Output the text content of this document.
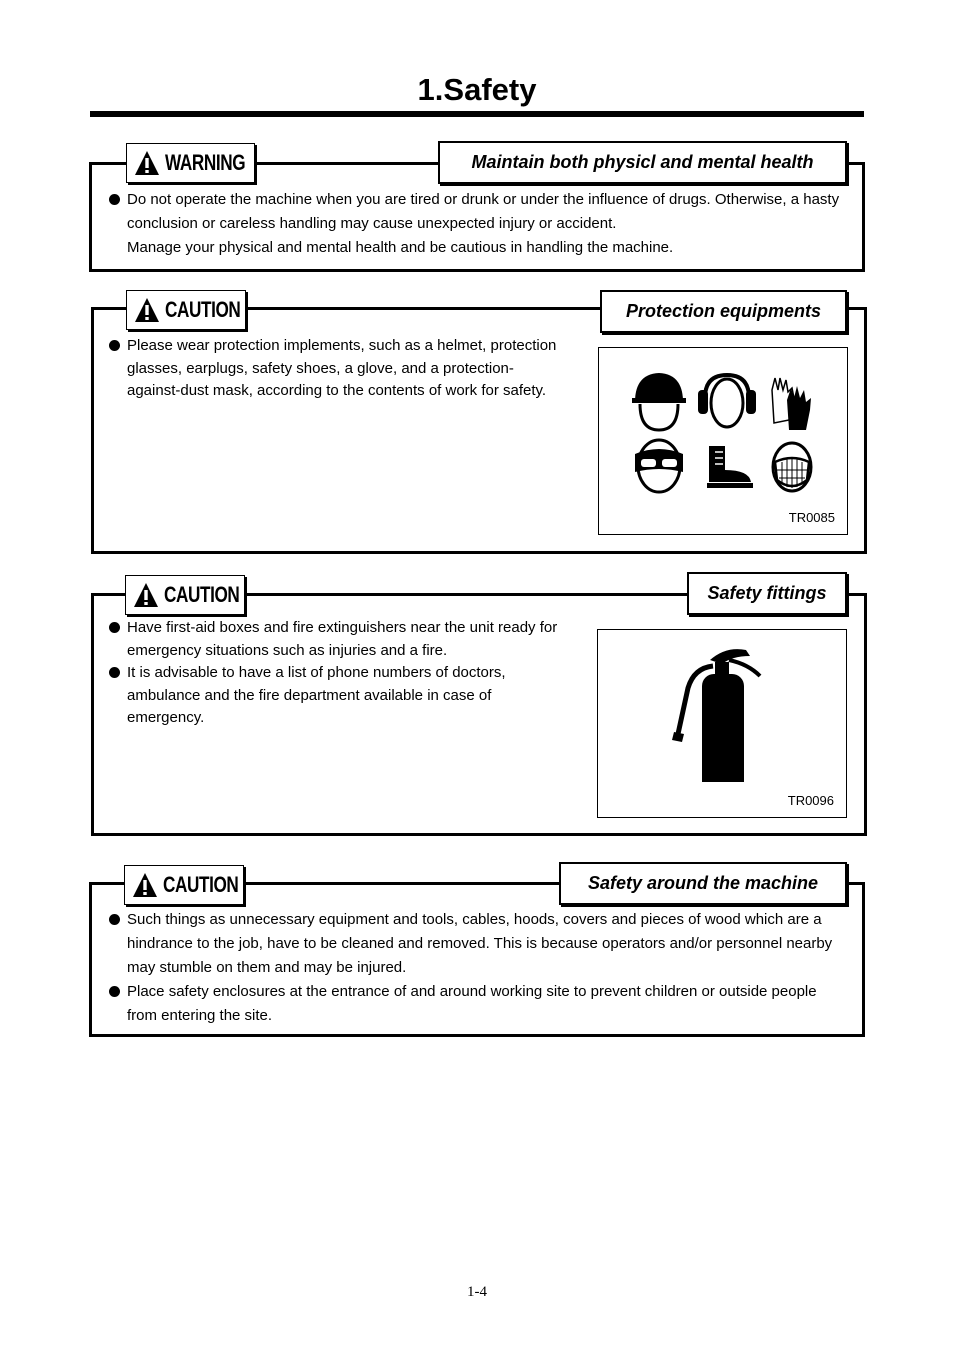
1.Safety
WARNING	Maintain both physicl and mental health
Do not operate the machine when you are tired or drunk or under the influence of drugs. Otherwise, a hasty conclusion or careless handling may cause unexpected injury or accident.
Manage your physical and mental health and be cautious in handling the machine.
CAUTION	Protection equipments
Please wear protection implements, such as a helmet, protection glasses, earplugs, safety shoes, a glove, and a protection-against-dust mask, according to the contents of work for safety.
TR0085
CAUTION	Safety fittings
Have first-aid boxes and fire extinguishers near the unit ready for emergency situations such as injuries and a fire.
It is advisable to have a list of phone numbers of doctors, ambulance and the fire department available in case of emergency.
TR0096
CAUTION	Safety around the machine
Such things as unnecessary equipment and tools, cables, hoods, covers and pieces of wood which are a hindrance to the job, have to be cleaned and removed. This is because operators and/or personnel nearby may stumble on them and may be injured.
Place safety enclosures at the entrance of and around working site to prevent children or outside people from entering the site.
1-4
